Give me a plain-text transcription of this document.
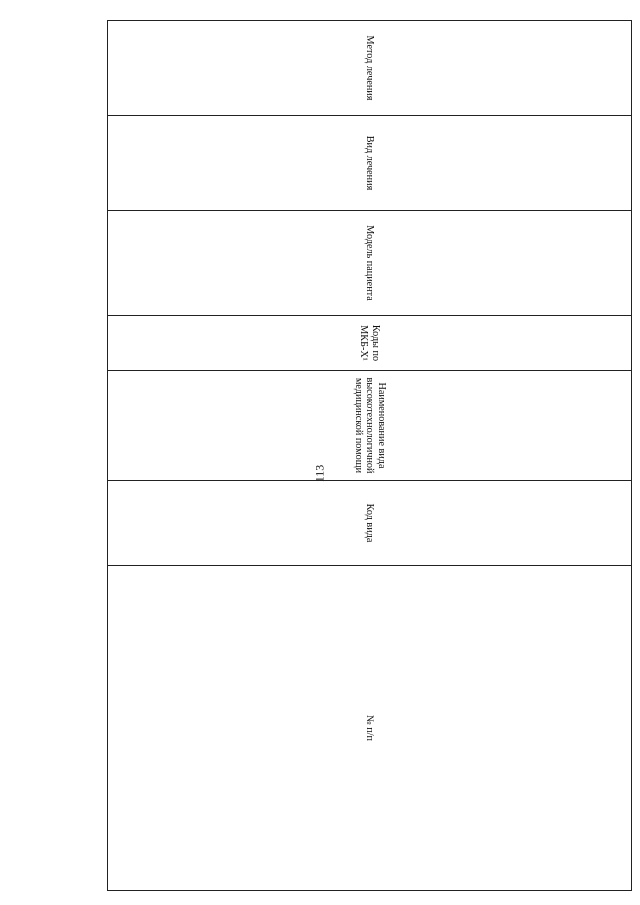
113
Метод лечения	Вид лечения	Модель пациента	Коды по МКБ-X¹	Наименование вида высокотехнологичной медицинской помощи	Код вида	№ п/п
